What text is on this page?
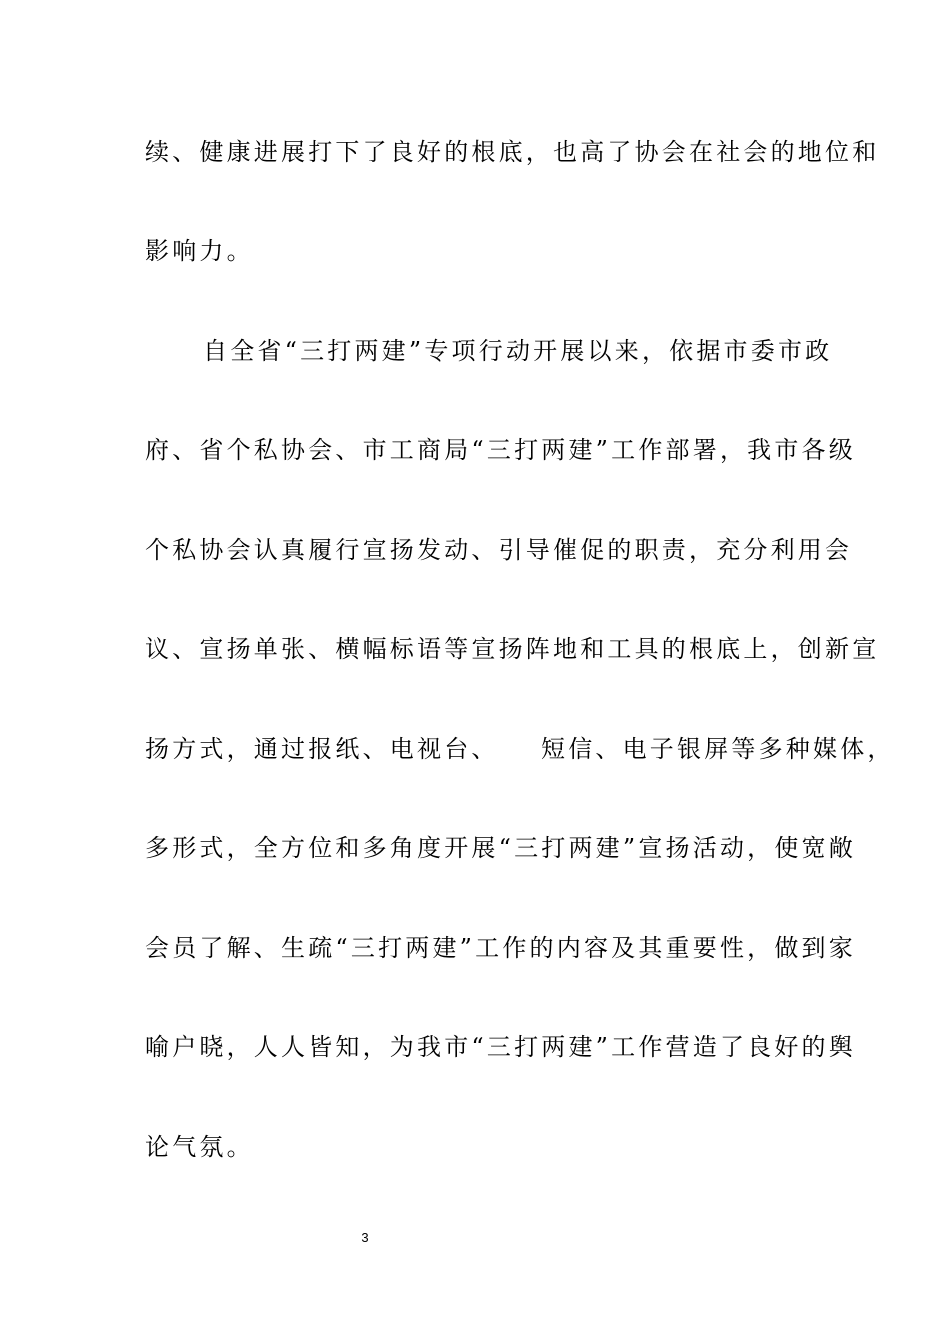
续、健康进展打下了良好的根底，也高了协会在社会的地位和
影响力。
自全省“三打两建”专项行动开展以来，依据市委市政
府、省个私协会、市工商局“三打两建”工作部署，我市各级
个私协会认真履行宣扬发动、引导催促的职责，充分利用会
议、宣扬单张、横幅标语等宣扬阵地和工具的根底上，创新宣
扬方式，通过报纸、电视台、　　短信、电子银屏等多种媒体，
多形式，全方位和多角度开展“三打两建”宣扬活动，使宽敞
会员了解、生疏“三打两建”工作的内容及其重要性，做到家
喻户晓，人人皆知，为我市“三打两建”工作营造了良好的舆
论气氛。
3
